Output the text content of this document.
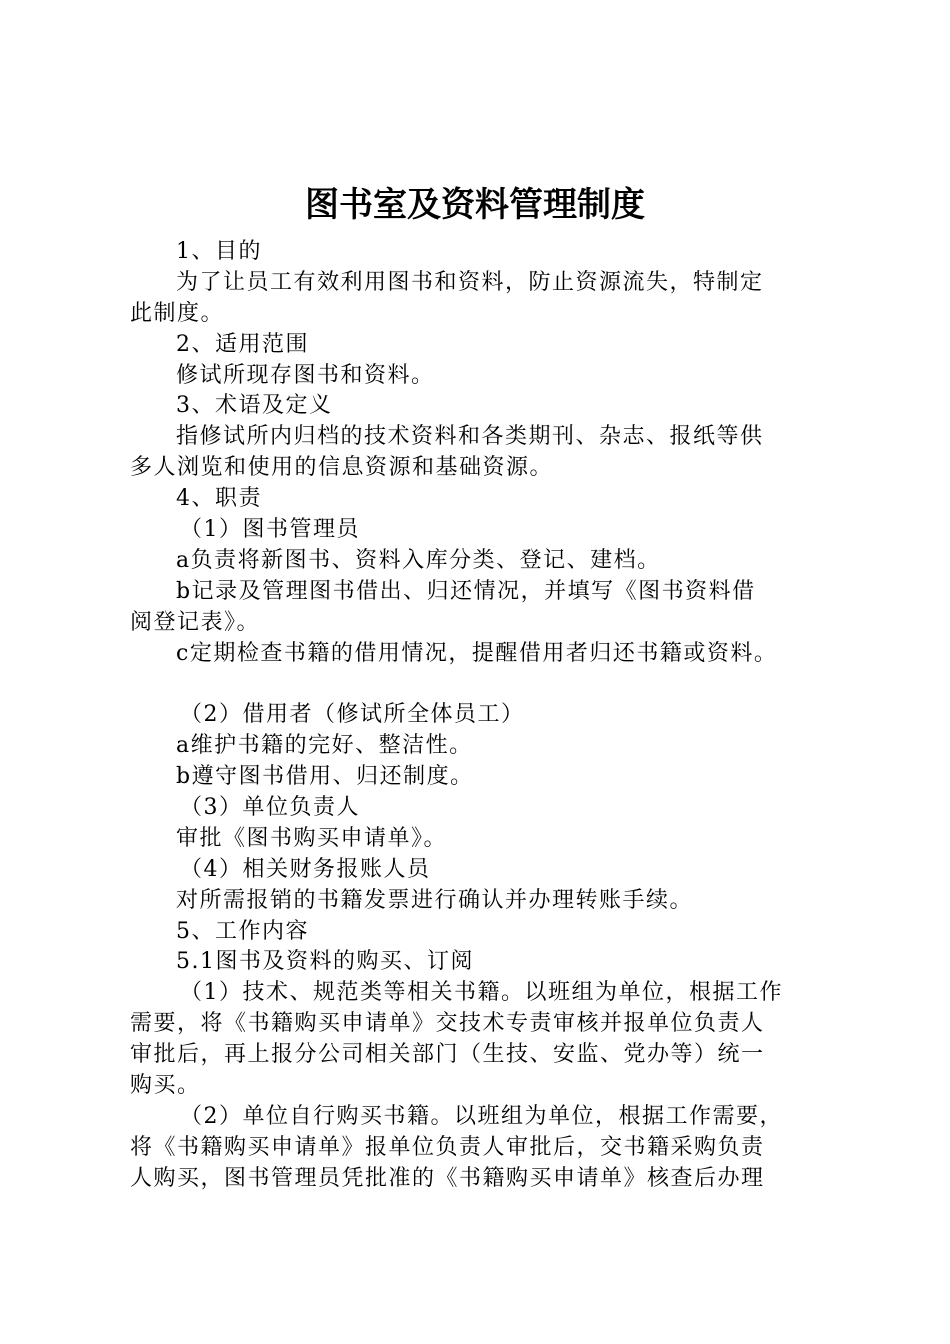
图书室及资料管理制度
1、目的
为了让员工有效利用图书和资料，防止资源流失，特制定
此制度。
2、适用范围
修试所现存图书和资料。
3、术语及定义
指修试所内归档的技术资料和各类期刊、杂志、报纸等供
多人浏览和使用的信息资源和基础资源。
4、职责
（1）图书管理员
a负责将新图书、资料入库分类、登记、建档。
b记录及管理图书借出、归还情况，并填写《图书资料借
阅登记表》。
c定期检查书籍的借用情况，提醒借用者归还书籍或资料。
（2）借用者（修试所全体员工）
a维护书籍的完好、整洁性。
b遵守图书借用、归还制度。
（3）单位负责人
审批《图书购买申请单》。
（4）相关财务报账人员
对所需报销的书籍发票进行确认并办理转账手续。
5、工作内容
5.1图书及资料的购买、订阅
（1）技术、规范类等相关书籍。以班组为单位，根据工作
需要，将《书籍购买申请单》交技术专责审核并报单位负责人
审批后，再上报分公司相关部门（生技、安监、党办等）统一
购买。
（2）单位自行购买书籍。以班组为单位，根据工作需要，
将《书籍购买申请单》报单位负责人审批后，交书籍采购负责
人购买，图书管理员凭批准的《书籍购买申请单》核查后办理
